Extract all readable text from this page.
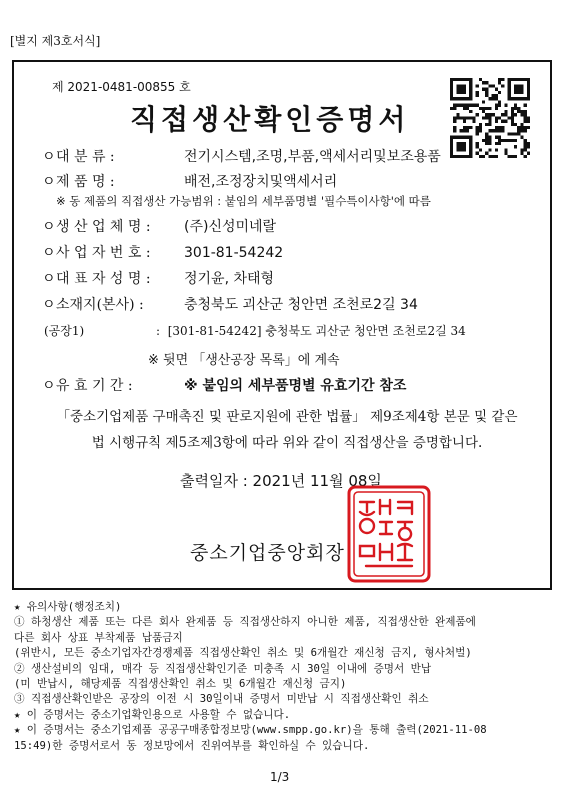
[별지 제3호서식]
제 2021-0481-00855 호
직접생산확인증명서
ㅇ 대 분 류 :	전기시스템,조명,부품,액세서리및보조용품
ㅇ 제 품 명 :	배전,조정장치및액세서리
※ 동 제품의 직접생산 가능범위 : 붙임의 세부품명별 '필수특이사항'에 따름
ㅇ 생 산 업 체 명 :	(주)신성미네랄
ㅇ 사 업 자 번 호 :	301-81-54242
ㅇ 대 표 자 성 명 :	정기윤, 차태형
ㅇ 소재지(본사) :	충청북도 괴산군 청안면 조천로2길 34
(공장1)	: [301-81-54242] 충청북도 괴산군 청안면 조천로2길 34
※ 뒷면 「생산공장 목록」에 계속
ㅇ 유 효 기 간 :	※ 붙임의 세부품명별 유효기간 참조
「중소기업제품 구매촉진 및 판로지원에 관한 법률」 제9조제4항 본문 및 같은 법 시행규칙 제5조제3항에 따라 위와 같이 직접생산을 증명합니다.
출력일자 : 2021년 11월 08일
중소기업중앙회장
★ 유의사항(행정조치)
① 하청생산 제품 또는 다른 회사 완제품 등 직접생산하지 아니한 제품, 직접생산한 완제품에
다른 회사 상표 부착제품 납품금지
(위반시, 모든 중소기업자간경쟁제품 직접생산확인 취소 및 6개월간 재신청 금지, 형사처벌)
② 생산설비의 임대, 매각 등 직접생산확인기준 미충족 시 30일 이내에 증명서 반납
(미 반납시, 해당제품 직접생산확인 취소 및 6개월간 재신청 금지)
③ 직접생산확인받은 공장의 이전 시 30일이내 증명서 미반납 시 직접생산확인 취소
★ 이 증명서는 중소기업확인용으로 사용할 수 없습니다.
★ 이 증명서는 중소기업제품 공공구매종합정보망(www.smpp.go.kr)을 통해 출력(2021-11-08
15:49)한 증명서로서 동 정보망에서 진위여부를 확인하실 수 있습니다.
1/3
